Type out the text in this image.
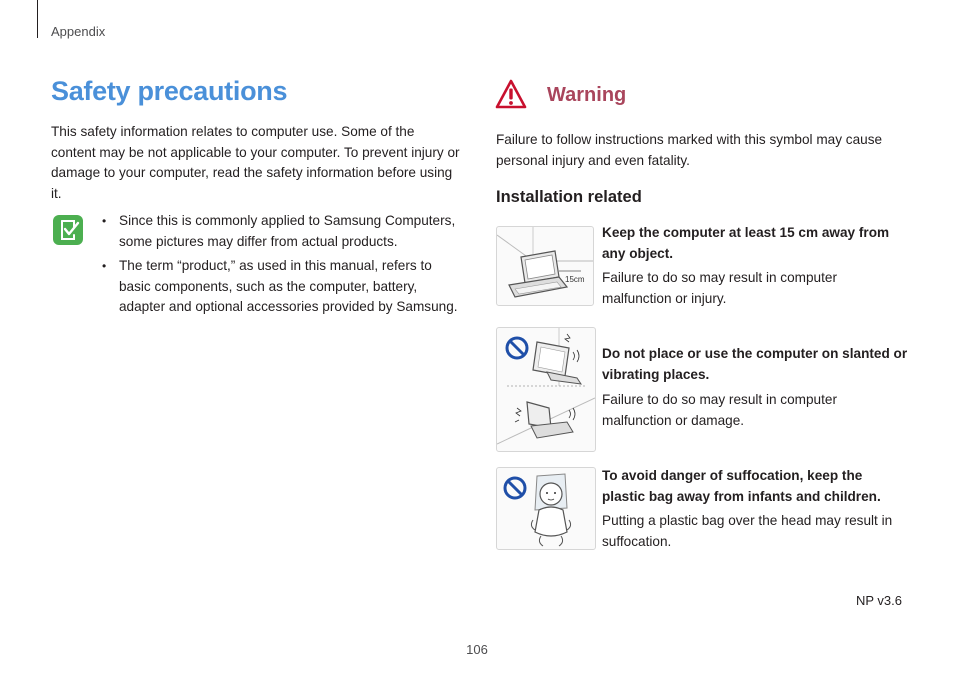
Appendix
Safety precautions
This safety information relates to computer use. Some of the content may be not applicable to your computer. To prevent injury or damage to your computer, read the safety information before using it.
• Since this is commonly applied to Samsung Computers, some pictures may differ from actual products.
• The term “product,” as used in this manual, refers to basic components, such as the computer, battery, adapter and optional accessories provided by Samsung.
Warning
Failure to follow instructions marked with this symbol may cause personal injury and even fatality.
Installation related
15cm
Keep the computer at least 15 cm away from any object.
Failure to do so may result in computer malfunction or injury.
Do not place or use the computer on slanted or vibrating places.
Failure to do so may result in computer malfunction or damage.
To avoid danger of suffocation, keep the plastic bag away from infants and children.
Putting a plastic bag over the head may result in suffocation.
NP v3.6
106
